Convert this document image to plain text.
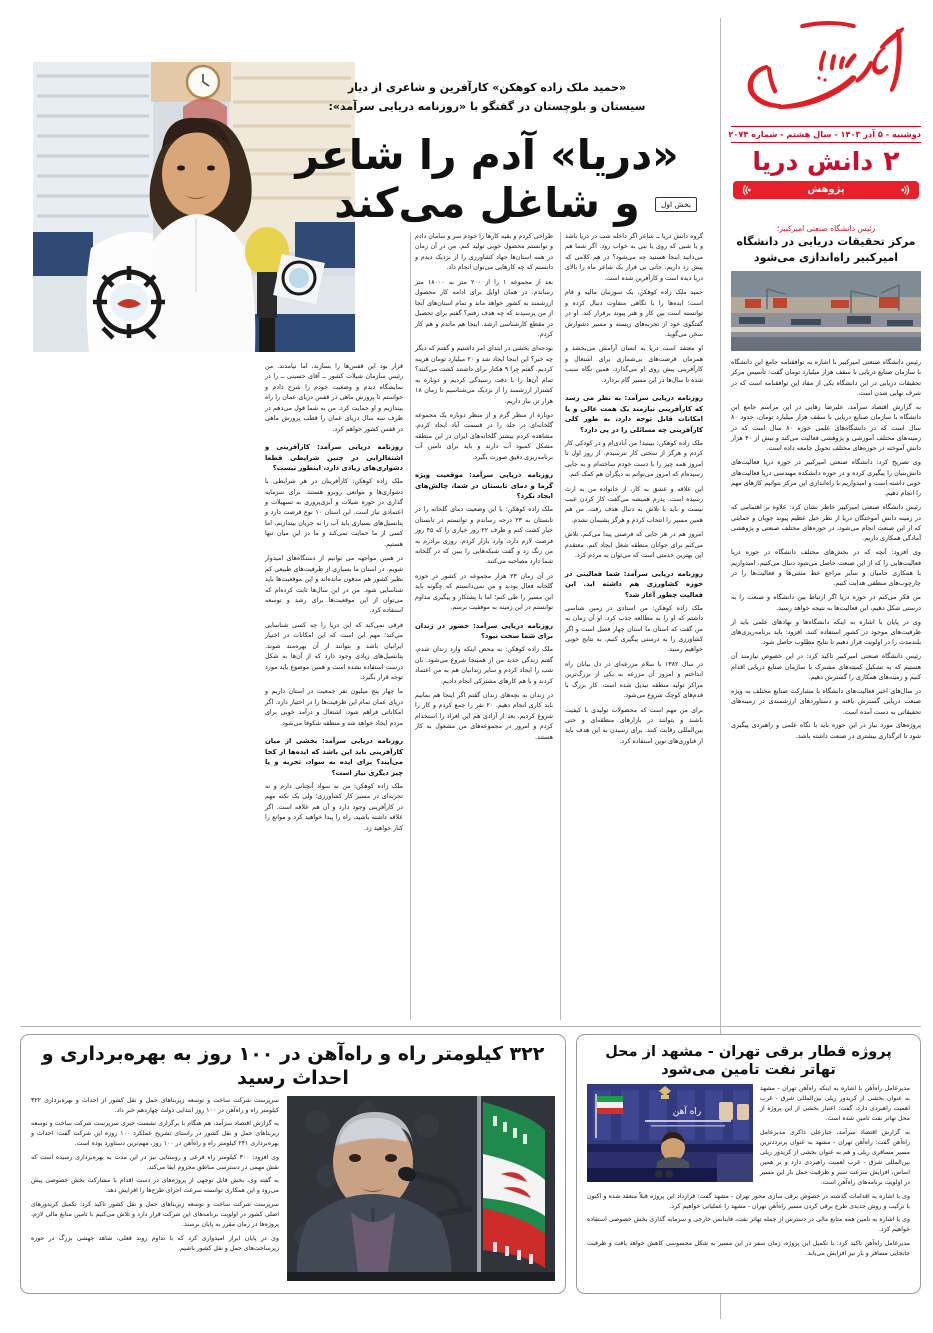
دوشنبه - ۵ آذر ۱۴۰۳ - سال هشتم - شماره ۲۰۷۴
۲
دانش دریا
پژوهش
رئیس دانشگاه صنعتی امیرکبیر؛
مرکز تحقیقات دریایی در دانشگاه امیرکبیر راه‌اندازی می‌شود

رئیس دانشگاه صنعتی امیرکبیر با اشاره به توافقنامه جامع این دانشگاه با سازمان صنایع دریایی با سقف هزار میلیارد تومان گفت: تأسیس مرکز تحقیقات دریایی در این دانشگاه یکی از مفاد این توافقنامه است که در شرف نهایی شدن است.

به گزارش اقتصاد سرآمد، علیرضا رهایی در این مراسم جامع این دانشگاه با سازمان صنایع دریایی با سقف هزار میلیارد تومان، حدود ۸۰ سال است که در دانشگاه‌های علمی حوزه ۸۰ سال است که در زمینه‌های مختلف آموزشی و پژوهشی فعالیت می‌کند و بیش از ۴۰ هزار دانش آموخته در حوزه‌های مختلف تحویل جامعه داده است.

وی تصریح کرد: دانشگاه صنعتی امیرکبیر در حوزه دریا فعالیت‌های دانش‌بنیان را پیگیری کرده و در حوزه دانشکده مهندسی دریا فعالیت‌های خوبی داشته است و امیدواریم با راه‌اندازی این مرکز بتوانیم کارهای مهم را انجام دهیم.

رئیس دانشگاه صنعتی امیرکبیر خاطر نشان کرد: علاوه بر اهتمامی که در زمینه دانش آموختگان دریا از نظر خیل عظیم پیوند جویان و حمایتی که از این صنعت انجام می‌شود، در حوزه‌های مختلف صنعتی و پژوهشی آمادگی همکاری داریم.

وی افزود: آنچه که در بخش‌های مختلف دانشگاه در حوزه دریا فعالیت‌هایی را که از این صنعت حاصل می‌شود دنبال می‌کنیم، امیدواریم با همکاری حامیان و سایر مراجع خط مشی‌ها و فعالیت‌ها را در چارچوب‌های منطقی هدایت کنیم.

من فکر می‌کنم در حوزه دریا اگر ارتباط بین دانشگاه و صنعت را به درستی شکل دهیم، این فعالیت‌ها به نتیجه خواهد رسید.

وی در پایان با اشاره به اینکه دانشگاه‌ها و نهادهای علمی باید از ظرفیت‌های موجود در کشور استفاده کنند، افزود: باید برنامه‌ریزی‌های بلندمدت را در اولویت قرار دهیم تا نتایج مطلوب حاصل شود.

رئیس دانشگاه صنعتی امیرکبیر تاکید کرد: در این خصوص نیازمند آن هستیم که به تشکیل کمیته‌های مشترک با سازمان صنایع دریایی اقدام کنیم و زمینه‌های همکاری را گسترش دهیم.

در سال‌های اخیر فعالیت‌های دانشگاه با مشارکت صنایع مختلف به ویژه صنعت دریایی گسترش یافته و دستاوردهای ارزشمندی در زمینه‌های تحقیقاتی به دست آمده است.

پروژه‌های مورد نیاز در این حوزه باید با نگاه علمی و راهبردی پیگیری شود تا اثرگذاری بیشتری در صنعت داشته باشد.

«حمید ملک زاده کوهکن» کارآفرین و شاعری از دیار
سیستان و بلوچستان در گفتگو با «روزنامه دریایی سرآمد»:
«دریا» آدم را شاعر
و شاغل می‌کند	بخش اول

گروه دانش دریا ــ شاعر اگر داخله شب در دریا باشد و یا شبی که روی یا نبی به خواب رود. اگر شما هم می‌دانید اینجا هستید چه می‌شود؟ در هم کلامی که پیش زد داریم، جانی بی قرار یک شاعر ماه را بالای دریا دیده است و کارآفرین شده است.

حمید ملک زاده کوهکن، یک سوزنبان مالیه و فام است؛ ایده‌ها را با نگاهی متفاوت دنبال کرده و توانسته است بین کار و هنر پیوند برقرار کند. او در گفتگوی خود از تجربه‌های زیسته و مسیر دشوارش سخن می‌گوید.

او معتقد است دریا به انسان آرامش می‌بخشد و همزمان فرصت‌های بی‌شماری برای اشتغال و کارآفرینی پیش روی او می‌گذارد. همین نگاه سبب شده تا سال‌ها در این مسیر گام بردارد.

روزنامه دریایی سرآمد: به نظر می رسد که کارآفرینی نیازمند یک همت عالی و یا امکانات قابل توجه دارد، به طور کلی کارآفرینی چه مسائلی را در پی دارد؟

ملک زاده کوهکن: ببینید! من آبادی‌ام و در کودکی کار کردم و هرگز از سختی کار نترسیدم. از روز اول تا امروز همه چیز را با دست خودم ساخته‌ام و به جایی رسیده‌ام که امروز می‌توانم به دیگران هم کمک کنم.

این علاقه و عشق به کار، از خانواده من به ارث رسیده است. پدرم همیشه می‌گفت کار کردن عیب نیست و باید با تلاش به دنبال هدف رفت. من هم همین مسیر را انتخاب کردم و هرگز پشیمان نشدم.

امروز هم در هر جایی که فرصتی پیدا می‌کنم، تلاش می‌کنم برای جوانان منطقه شغل ایجاد کنم. معتقدم این بهترین خدمتی است که می‌توان به مردم کرد.

روزنامه دریایی سرآمد: شما فعالیتی در حوزه کشاورزی هم داشته اید. این فعالیت چطور آغاز شد؟

ملک زاده کوهکن: من استادی در زمین شناسی داشتم که او را به مطالعه جذب کرد. او آن زمان به من گفت که استان ما استان چهار فصل است و اگر کشاورزی را به درستی پیگیری کنیم، به نتایج خوبی خواهیم رسید.

در سال ۱۳۸۲ با سلام مزرعه‌ای در دل بیابان راه انداختم و امروز آن مزرعه به یکی از بزرگ‌ترین مراکز تولید منطقه تبدیل شده است. کار بزرگ با قدم‌های کوچک شروع می‌شود.

برای من مهم است که محصولات تولیدی با کیفیت باشند و بتوانند در بازارهای منطقه‌ای و حتی بین‌المللی رقابت کنند. برای رسیدن به این هدف باید از فناوری‌های نوین استفاده کرد.

طراحی کردم و بقیه کارها را خودم سر و سامان دادم و توانستم محصول خوبی تولید کنم. من در آن زمان در همه استان‌ها جهاد کشاورزی را از نزدیک دیدم و دانستم که چه کارهایی می‌توان انجام داد.

بعد از مجموعه ۱ را از ۲۰۰ متر به ۱۸۰۰۰ متر رساندم. در همان اوایل برای ادامه کار محصول ارزشمند به کشور خواهد ماند و تمام استان‌های آنجا از من پرسیدند که چه هدف رفتم؟ گفتم برای تحصیل در مقطع کارشناسی ارشد. اینجا هم ماندم و هم کار کردم.

بودجه‌ای بخشی در ابتدای امر داشتیم و گفتم که دیگر چه خبر؟ این اینجا ایجاد شد و ۲۰ میلیارد تومان هزینه کردیم. گفتم چرا ۹ هکتار برای داشتند کشت می‌کنند؟ تمام آن‌ها را با دقت رسیدگی کردیم و دوباره به کشتزار ارزشمند را از نزدیک می‌شناسیم تا زمان ۱۸ هزار تن نیاز داریم.

دوباره از منظر گرم و از منظر دوباره یک مجموعه گلخانه‌ای در جلد را در قسمت آباد ایجاد کردم. مشاهده کردم بیشتر گلخانه‌های ایران در این منطقه مشکل کمبود آب دارند و باید برای تامین آب برنامه‌ریزی دقیق صورت بگیرد.

روزنامه دریایی سرآمد: موقعیت ویژه گرما و دمای تابستان در شما، چالش‌های ایجاد نکرد؟

ملک زاده کوهکن: با این وضعیت دمای گلخانه را در تابستان به ۲۳ درجه رساندم و توانستم در تابستان خیار کشت کنم و ظرف ۲۲ روز خیاری را که ۴۵ روز فرصت لازم دارد، وارد بازار کردم. روزی برادرم به من زنگ زد و گفت شبکه‌هایی را ببین که در گلخانه شما دارد مصاحبه می‌کنند.

در آن زمان ۲۳ هزار مجموعه در کشور در حوزه گلخانه فعال بودند و من نمی‌دانستم که چگونه باید این مسیر را طی کنم؛ اما با پشتکار و پیگیری مداوم توانستم در این زمینه به موفقیت برسم.

روزنامه دریایی سرآمد: حضور در زندان برای شما سخت نبود؟

ملک زاده کوهکن: به محض اینکه وارد زندان شدم، گفتم زندگی جدید من از همینجا شروع می‌شود. نان شب را ایجاد کردم و سایر زندانیان هم به من اعتماد کردند و با هم کارهای مشترکی انجام دادیم.

در زندان به بچه‌های زندان گفتم اگر اینجا هم بمانیم باید کاری انجام دهیم. ۲۰ نفر را جمع کردم و کار را شروع کردیم. بعد از آزادی هم این افراد را استخدام کردم و امروز در مجموعه‌های من مشغول به کار هستند.

قرار بود این قفس‌ها را بسازند، اما نیامدند. من رئیس سازمان شیلات کشور ــ آقای حسینی ــ را در نمایشگاه دیدم و وضعیت خودم را شرح دادم و خواستم تا پرورش ماهی در قفس دریای عمان را راه بیندازیم و او حمایت کرد. من به شما قول می‌دهم در ظرف سه سال دریای عمان را قطب پرورش ماهی در قفس کشور خواهم کرد.

روزنامه دریایی سرآمد: کارآفرینی و اشتغالزایی در چنین شرایطی قطعا دشواری‌های زیادی دارد، اینطور نیست؟

ملک زاده کوهکن: کارآفرینان در هر شرایطی با دشواری‌ها و موانعی روبرو هستند. برای سرمایه گذاری در حوزه شیلات و آبزی‌پروری به تسهیلات و اعتمادی نیاز است. این استان ۱۰ نوع فرصت دارد و پتانسیل‌های بسیاری باید آب را به جریان بیندازیم، اما کسی از ما حمایت نمی‌کند و ما در این میان تنها هستیم.

در همین مواجهه می توانیم از دستگاه‌های امیدوار شویم. در استان ما بسیاری از ظرفیت‌های طبیعی کم نظیر کشور هم مدفون مانده‌اند و این موقعیت‌ها باید شناسایی شود. من در این سال‌ها ثابت کرده‌ام که می‌توان از این موقعیت‌ها برای رشد و توسعه استفاده کرد.

فرقی نمی‌کند که این دریا را چه کسی شناسایی می‌کند؛ مهم این است که این امکانات در اختیار ایرانیان باشد و بتوانند از آن بهره‌مند شوند. پتانسیل‌های زیادی وجود دارد که از آن‌ها به شکل درست استفاده نشده است و همین موضوع باید مورد توجه قرار بگیرد.

ما چهار پنج میلیون نفر جمعیت در استان داریم و دریای عمان تمام این ظرفیت‌ها را در اختیار دارد. اگر امکاناتی فراهم شود، اشتغال و درآمد خوبی برای مردم ایجاد خواهد شد و منطقه شکوفا می‌شود.

روزنامه دریایی سرآمد: بخشی از میان کارآفرینی باید این باشد که ایده‌ها از کجا می‌آیند؟ برای ایده به سواد، تجربه و یا چیز دیگری نیاز است؟

ملک زاده کوهکن: من نه سواد آنچنانی دارم و نه تجربه‌ای در مسیر کار کشاورزی؛ ولی یک نکته مهم در کارآفرینی وجود دارد و آن هم علاقه است. اگر علاقه داشته باشید، راه را پیدا خواهید کرد و موانع را کنار خواهید زد.

پروژه قطار برقی تهران - مشهد از محل تهاتر نفت تامین می‌شود
راه آهن

مدیرعامل راه‌آهن با اشاره به اینکه راه‌آهن تهران - مشهد به عنوان بخشی از کریدور ریلی بین‌المللی شرق - غرب اهمیت راهبردی دارد، گفت: اعتبار بخشی از این پروژه از محل تهاتر نفت تامین شده است.

به گزارش اقتصاد سرآمد، جبارعلی ذاکری مدیرعامل راه‌آهن گفت: راه‌آهن تهران - مشهد به عنوان پرترددترین مسیر مسافری ریلی و هم به عنوان بخشی از کریدور ریلی بین‌المللی شرق - غرب اهمیت راهبردی دارد و بر همین اساس، افزایش سرعت سیر و ظرفیت حمل بار این مسیر در اولویت برنامه‌های راه‌آهن است.

وی با اشاره به اقدامات گذشته در خصوص برقی سازی محور تهران - مشهد گفت: قرارداد این پروژه قبلاً منعقد شده و اکنون با ترکیب و روش جدیدی طرح برقی کردن مسیر راه‌آهن تهران - مشهد را عملیاتی خواهیم کرد.

وی با اشاره به تامین همه منابع مالی در دسترس از جمله تهاتر نفت، فاینانس خارجی و سرمایه گذاری بخش خصوصی استفاده خواهیم کرد.

مدیرعامل راه‌آهن تاکید کرد: با تکمیل این پروژه، زمان سفر در این مسیر به شکل محسوسی کاهش خواهد یافت و ظرفیت جابجایی مسافر و بار نیز افزایش می‌یابد.

۳۲۲ کیلومتر راه و راه‌آهن در ۱۰۰ روز به بهره‌برداری و احداث رسید

سرپرست شرکت ساخت و توسعه زیربناهای حمل و نقل کشور از احداث و بهره‌برداری ۳۲۲ کیلومتر راه و راه‌آهن در ۱۰۰ روز ابتدایی دولت چهاردهم خبر داد.

به گزارش اقتصاد سرآمد، هم هنگام با برگزاری نشست خبری سرپرست شرکت ساخت و توسعه زیربناهای حمل و نقل کشور در راستای تشریح عملکرد ۱۰۰ روزه این شرکت گفت: احداث و بهره‌برداری ۲۴۱ کیلومتر راه و راه‌آهن در ۱۰۰ روز، مهم‌ترین دستاورد بوده است.

وی افزود: ۳۰۰ کیلومتر راه فرعی و روستایی نیز در این مدت به بهره‌برداری رسیده است که نقش مهمی در دسترسی مناطق محروم ایفا می‌کند.

به گفته وی، بخش قابل توجهی از پروژه‌های در دست اقدام با مشارکت بخش خصوصی پیش می‌رود و این همکاری توانسته سرعت اجرای طرح‌ها را افزایش دهد.

سرپرست شرکت ساخت و توسعه زیربناهای حمل و نقل کشور تاکید کرد: تکمیل کریدورهای اصلی کشور در اولویت برنامه‌های این شرکت قرار دارد و تلاش می‌کنیم با تامین منابع مالی لازم، پروژه‌ها در زمان مقرر به پایان برسند.

وی در پایان ابراز امیدواری کرد که با تداوم روند فعلی، شاهد جهشی بزرگ در حوزه زیرساخت‌های حمل و نقل کشور باشیم.
